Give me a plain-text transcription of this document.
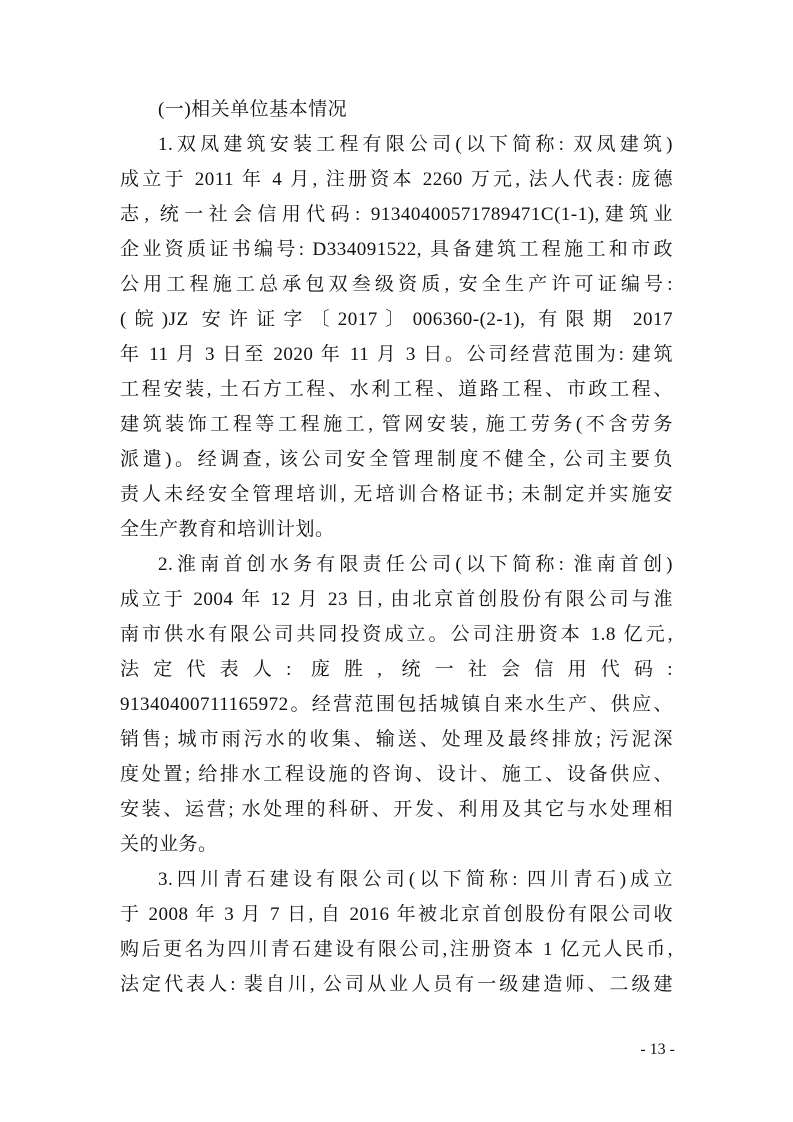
(一)相关单位基本情况
1.双凤建筑安装工程有限公司(以下简称: 双凤建筑)
成立于 2011 年 4 月, 注册资本 2260 万元, 法人代表: 庞德
志, 统一社会信用代码: 91340400571789471C(1-1),建筑业
企业资质证书编号: D334091522, 具备建筑工程施工和市政
公用工程施工总承包双叁级资质, 安全生产许可证编号:
(皖)JZ 安许证字〔2017〕006360-(2-1), 有限期 2017
年 11 月 3 日至 2020 年 11 月 3 日。公司经营范围为: 建筑
工程安装, 土石方工程、水利工程、道路工程、市政工程、
建筑装饰工程等工程施工, 管网安装, 施工劳务(不含劳务
派遣)。经调查, 该公司安全管理制度不健全, 公司主要负
责人未经安全管理培训, 无培训合格证书; 未制定并实施安
全生产教育和培训计划。
2.淮南首创水务有限责任公司(以下简称: 淮南首创)
成立于 2004 年 12 月 23 日, 由北京首创股份有限公司与淮
南市供水有限公司共同投资成立。公司注册资本 1.8 亿元,
法定代表人: 庞胜, 统一社会信用代码:
91340400711165972。经营范围包括城镇自来水生产、供应、
销售; 城市雨污水的收集、输送、处理及最终排放; 污泥深
度处置; 给排水工程设施的咨询、设计、施工、设备供应、
安装、运营; 水处理的科研、开发、利用及其它与水处理相
关的业务。
3.四川青石建设有限公司(以下简称: 四川青石)成立
于 2008 年 3 月 7 日, 自 2016 年被北京首创股份有限公司收
购后更名为四川青石建设有限公司,注册资本 1 亿元人民币,
法定代表人: 裴自川, 公司从业人员有一级建造师、二级建
- 13 -
